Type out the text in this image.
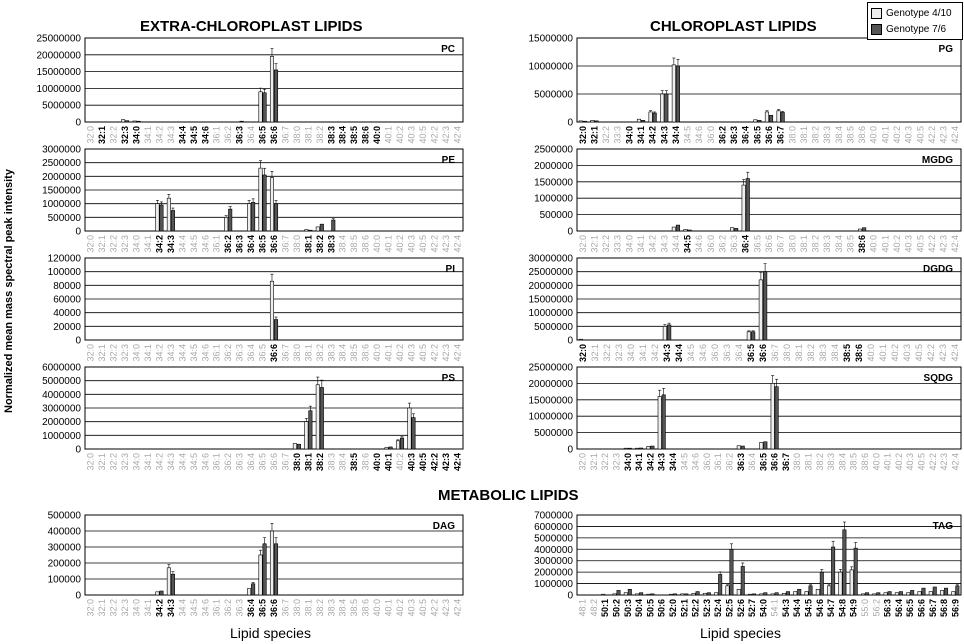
0
5000000
10000000
15000000
20000000
25000000
PC
32:0 32:1 32:2 32:3 34:0 34:1 34:2 34:3 34:4 34:5 34:6 36:1 36:2 36:3 36:4 36:5 36:6 36:7 38:0 38:1 38:2 38:3 38:4 38:5 38:6 40:0 40:1 40:2 40:3 40:5 42:2 42:3 42:4
0
500000
1000000
1500000
2000000
2500000
3000000
PE
32:0 32:1 32:2 32:3 34:0 34:1 34:2 34:3 34:4 34:5 34:6 36:1 36:2 36:3 36:4 36:5 36:6 36:7 38:0 38:1 38:2 38:3 38:4 38:5 38:6 40:0 40:1 40:2 40:3 40:5 42:2 42:3 42:4
0
20000
40000
60000
80000
100000
120000
PI
32:0 32:1 32:2 32:3 34:0 34:1 34:2 34:3 34:4 34:5 34:6 36:1 36:2 36:3 36:4 36:5 36:6 36:7 38:0 38:1 38:2 38:3 38:4 38:5 38:6 40:0 40:1 40:2 40:3 40:5 42:2 42:3 42:4
0
1000000
2000000
3000000
4000000
5000000
6000000
PS
32:0 32:1 32:2 32:3 34:0 34:1 34:2 34:3 34:4 34:5 34:6 36:1 36:2 36:3 36:4 36:5 36:6 36:7 38:0 38:1 38:2 38:3 38:4 38:5 38:6 40:0 40:1 40:2 40:3 40:5 42:2 42:3 42:4
0
5000000
10000000
15000000
PG
32:0 32:1 32:2 33:3 34:0 34:1 34:2 34:3 34:4 34:5 34:6 36:0 36:2 36:3 36:4 36:5 36:6 36:7 38:0 38:1 38:2 38:3 38:4 38:5 38:6 40:0 40:1 40:2 40:3 40:5 42:2 42:3 42:4
0
500000
1000000
1500000
2000000
2500000
MGDG
32:0 32:1 32:2 33:3 34:0 34:1 34:2 34:3 34:4 34:5 34:6 36:0 36:2 36:3 36:4 36:5 36:6 36:7 38:0 38:1 38:2 38:3 38:4 38:5 38:6 40:0 40:1 40:2 40:3 40:5 42:2 42:3 42:4
0
5000000
10000000
15000000
20000000
25000000
30000000
DGDG
32:0 32:1 32:2 32:3 34:0 34:1 34:2 34:3 34:4 34:5 34:6 36:0 36:3 36:4 36:5 36:6 36:7 38:0 38:1 38:2 38:3 38:4 38:5 38:6 40:0 40:1 40:2 40:3 40:5 42:2 42:3 42:4
0
5000000
10000000
15000000
20000000
25000000
SQDG
32:0 32:1 32:2 32:3 34:0 34:1 34:2 34:3 34:4 34:5 34:6 36:0 36:1 36:2 36:3 36:4 36:5 36:6 36:7 38:0 38:1 38:2 38:3 38:4 38:5 38:6 40:0 40:1 40:2 40:3 40:5 42:2 42:3 42:4
0
100000
200000
300000
400000
500000
DAG
32:0 32:1 32:2 32:3 34:0 34:1 34:2 34:3 34:4 34:5 34:6 36:1 36:2 36:3 36:4 36:5 36:6 36:7 38:0 38:1 38:2 38:3 38:4 38:5 38:6 40:0 40:1 40:2 40:3 40:5 42:2 42:3 42:4
0
1000000
2000000
3000000
4000000
5000000
6000000
7000000
TAG
48:1 48:2 50:1 50:2 50:3 50:4 50:5 50:6 52:0 52:1 52:2 52:3 52:4 52:5 52:6 52:7 54:0 54:1 54:3 54:4 54:5 54:6 54:7 54:8 54:9 55:0 56:2 56:3 56:4 56:5 56:6 56:7 56:8 56:9
EXTRA-CHLOROPLAST LIPIDS	CHLOROPLAST LIPIDS
METABOLIC LIPIDS
Lipid species	Lipid species
Normalized mean mass spectral peak intensity
Genotype 4/10
Genotype 7/6
